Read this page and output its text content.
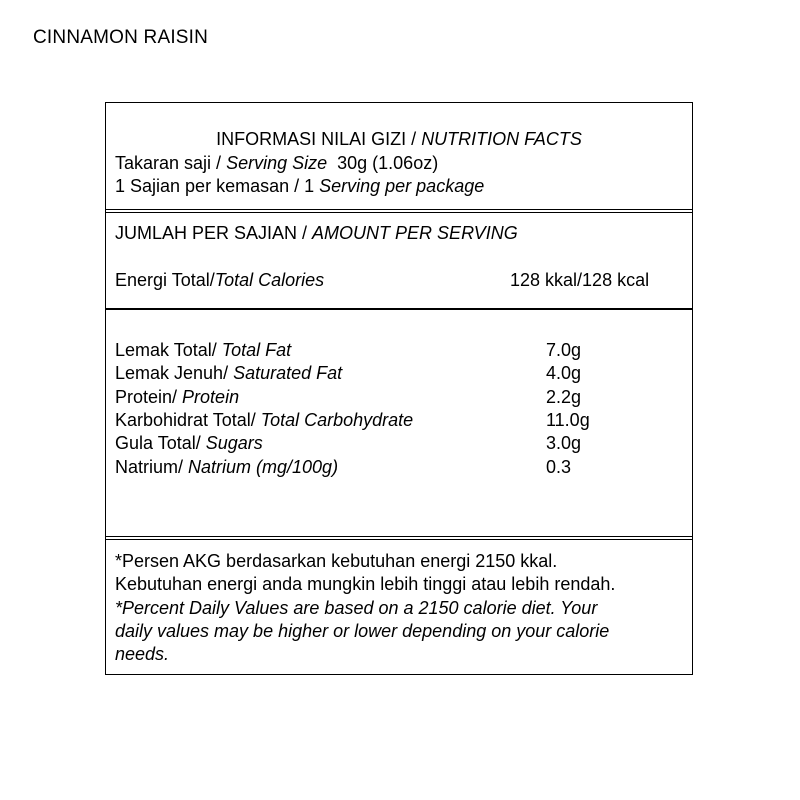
CINNAMON RAISIN
INFORMASI NILAI GIZI / NUTRITION FACTS
Takaran saji / Serving Size  30g (1.06oz)
1 Sajian per kemasan / 1 Serving per package
JUMLAH PER SAJIAN / AMOUNT PER SERVING
Energi Total/Total Calories	128 kkal/128 kcal
Lemak Total/ Total Fat	7.0g
Lemak Jenuh/ Saturated Fat	4.0g
Protein/ Protein	2.2g
Karbohidrat Total/ Total Carbohydrate	11.0g
Gula Total/ Sugars	3.0g
Natrium/ Natrium (mg/100g)	0.3
*Persen AKG berdasarkan kebutuhan energi 2150 kkal.
Kebutuhan energi anda mungkin lebih tinggi atau lebih rendah.
*Percent Daily Values are based on a 2150 calorie diet. Your
daily values may be higher or lower depending on your calorie
needs.
